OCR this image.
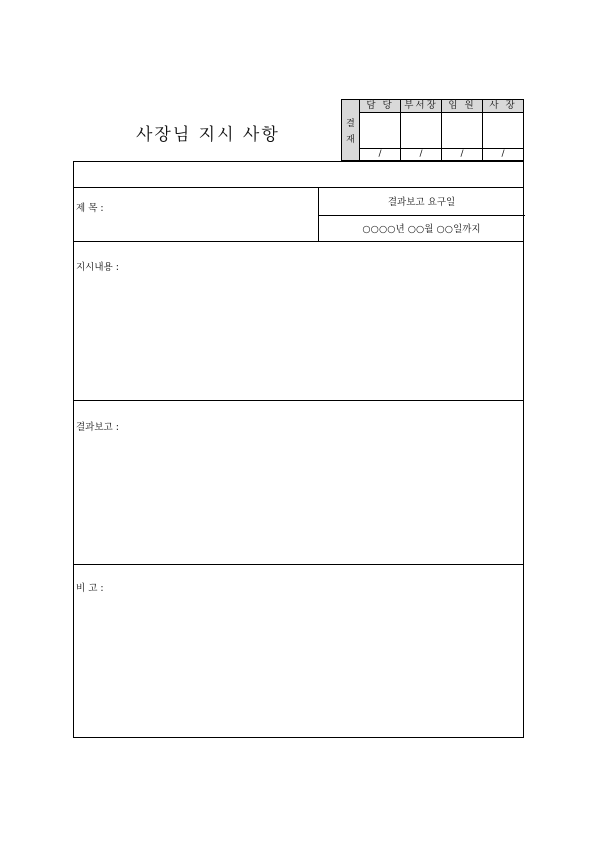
사장님 지시 사항
결
재
담 당	부서장	임 원	사 장
/	/	/	/
제 목 :
결과보고 요구일
○○○○년 ○○월 ○○일까지
지시내용 :
결과보고 :
비 고 :
